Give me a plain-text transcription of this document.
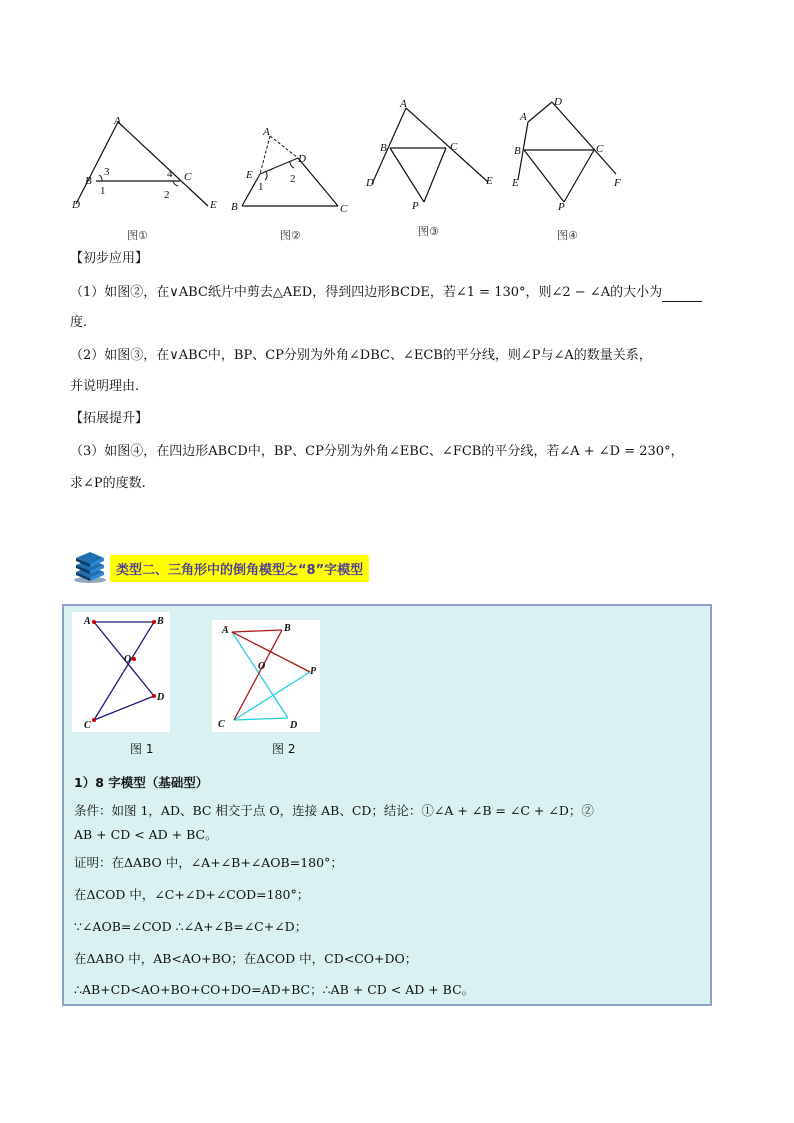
A
B	C
D	E
1	2
3	4
图①
A
B	C
D
E
1
2
图②
A
B	C
D	E
P
图③
D
A
B	C
E	F
P
图④
【初步应用】
（1）如图②，在∨ABC纸片中剪去△AED，得到四边形BCDE，若∠1 = 130°，则∠2 − ∠A的大小为
度.
（2）如图③，在∨ABC中，BP、CP分别为外角∠DBC、∠ECB的平分线，则∠P与∠A的数量关系，
并说明理由.
【拓展提升】
（3）如图④，在四边形ABCD中，BP、CP分别为外角∠EBC、∠FCB的平分线，若∠A + ∠D = 230°，
求∠P的度数.
类型二、三角形中的倒角模型之“8”字模型
A	B
O
C
D
A	B
O	P
C	D
图 1	图 2
1）8 字模型（基础型）
条件：如图 1，AD、BC 相交于点 O，连接 AB、CD；结论：①∠A + ∠B = ∠C + ∠D；②
AB + CD < AD + BC。
证明：在ΔABO 中，∠A+∠B+∠AOB=180°；
在ΔCOD 中，∠C+∠D+∠COD=180°；
∵∠AOB=∠COD ∴∠A+∠B=∠C+∠D；
在ΔABO 中，AB<AO+BO；在ΔCOD 中，CD<CO+DO；
∴AB+CD<AO+BO+CO+DO=AD+BC；∴AB + CD < AD + BC。
